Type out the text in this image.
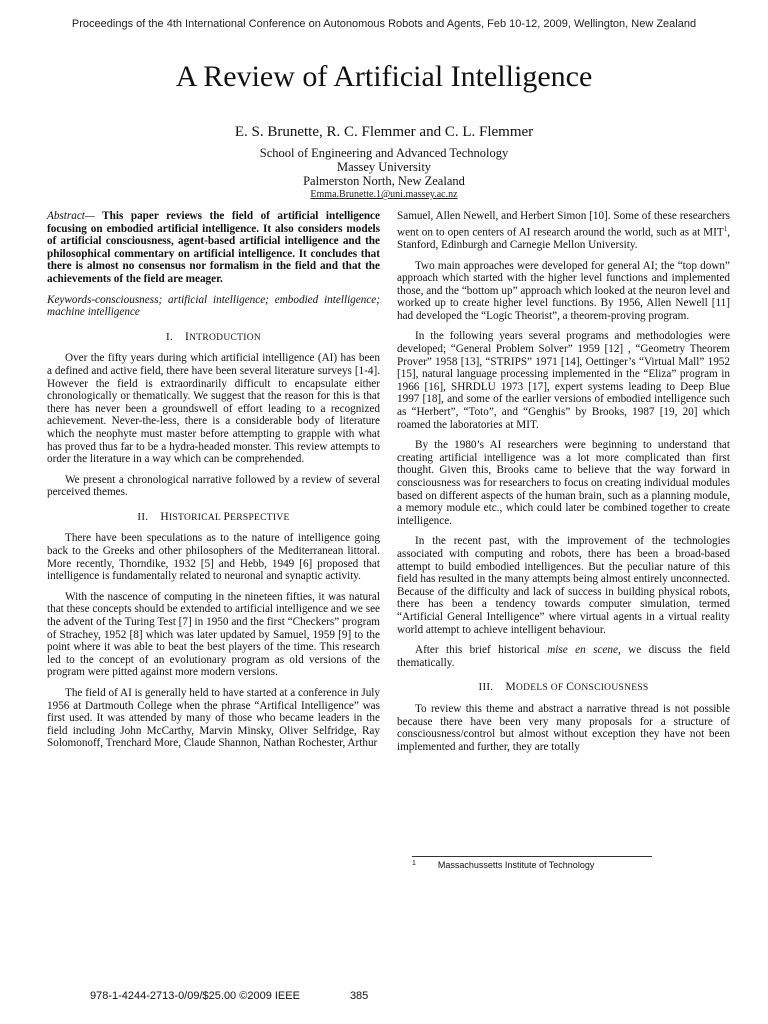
Proceedings of the 4th International Conference on Autonomous Robots and Agents, Feb 10-12, 2009, Wellington, New Zealand
A Review of Artificial Intelligence
E. S. Brunette, R. C. Flemmer and C. L. Flemmer
School of Engineering and Advanced Technology
Massey University
Palmerston North, New Zealand
Emma.Brunette.1@uni.massey.ac.nz

Abstract— This paper reviews the field of artificial intelligence focusing on embodied artificial intelligence. It also considers models of artificial consciousness, agent-based artificial intelligence and the philosophical commentary on artificial intelligence. It concludes that there is almost no consensus nor formalism in the field and that the achievements of the field are meager.

Keywords-consciousness; artificial intelligence; embodied intelligence; machine intelligence

I. INTRODUCTION

Over the fifty years during which artificial intelligence (AI) has been a defined and active field, there have been several literature surveys [1-4]. However the field is extraordinarily difficult to encapsulate either chronologically or thematically. We suggest that the reason for this is that there has never been a groundswell of effort leading to a recognized achievement. Never-the-less, there is a considerable body of literature which the neophyte must master before attempting to grapple with what has proved thus far to be a hydra-headed monster. This review attempts to order the literature in a way which can be comprehended.

We present a chronological narrative followed by a review of several perceived themes.

II. HISTORICAL PERSPECTIVE

There have been speculations as to the nature of intelligence going back to the Greeks and other philosophers of the Mediterranean littoral. More recently, Thorndike, 1932 [5] and Hebb, 1949 [6] proposed that intelligence is fundamentally related to neuronal and synaptic activity.

With the nascence of computing in the nineteen fifties, it was natural that these concepts should be extended to artificial intelligence and we see the advent of the Turing Test [7] in 1950 and the first “Checkers” program of Strachey, 1952 [8] which was later updated by Samuel, 1959 [9] to the point where it was able to beat the best players of the time. This research led to the concept of an evolutionary program as old versions of the program were pitted against more modern versions.

The field of AI is generally held to have started at a conference in July 1956 at Dartmouth College when the phrase “Artifical Intelligence” was first used. It was attended by many of those who became leaders in the field including John McCarthy, Marvin Minsky, Oliver Selfridge, Ray Solomonoff, Trenchard More, Claude Shannon, Nathan Rochester, Arthur

Samuel, Allen Newell, and Herbert Simon [10]. Some of these researchers went on to open centers of AI research around the world, such as at MIT$^1$, Stanford, Edinburgh and Carnegie Mellon University.

Two main approaches were developed for general AI; the “top down” approach which started with the higher level functions and implemented those, and the “bottom up” approach which looked at the neuron level and worked up to create higher level functions. By 1956, Allen Newell [11] had developed the “Logic Theorist”, a theorem-proving program.

In the following years several programs and methodologies were developed; “General Problem Solver” 1959 [12] , “Geometry Theorem Prover” 1958 [13], “STRIPS” 1971 [14], Oettinger’s “Virtual Mall” 1952 [15], natural language processing implemented in the “Eliza” program in 1966 [16], SHRDLU 1973 [17], expert systems leading to Deep Blue 1997 [18], and some of the earlier versions of embodied intelligence such as “Herbert”, “Toto”, and “Genghis” by Brooks, 1987 [19, 20] which roamed the laboratories at MIT.

By the 1980’s AI researchers were beginning to understand that creating artificial intelligence was a lot more complicated than first thought. Given this, Brooks came to believe that the way forward in consciousness was for researchers to focus on creating individual modules based on different aspects of the human brain, such as a planning module, a memory module etc., which could later be combined together to create intelligence.

In the recent past, with the improvement of the technologies associated with computing and robots, there has been a broad-based attempt to build embodied intelligences. But the peculiar nature of this field has resulted in the many attempts being almost entirely unconnected. Because of the difficulty and lack of success in building physical robots, there has been a tendency towards computer simulation, termed “Artificial General Intelligence” where virtual agents in a virtual reality world attempt to achieve intelligent behaviour.

After this brief historical mise en scene, we discuss the field thematically.

III. MODELS OF CONSCIOUSNESS

To review this theme and abstract a narrative thread is not possible because there have been very many proposals for a structure of consciousness/control but almost without exception they have not been implemented and further, they are totally

$^1$ Massachussetts Institute of Technology
978-1-4244-2713-0/09/$25.00 ©2009 IEEE	385
